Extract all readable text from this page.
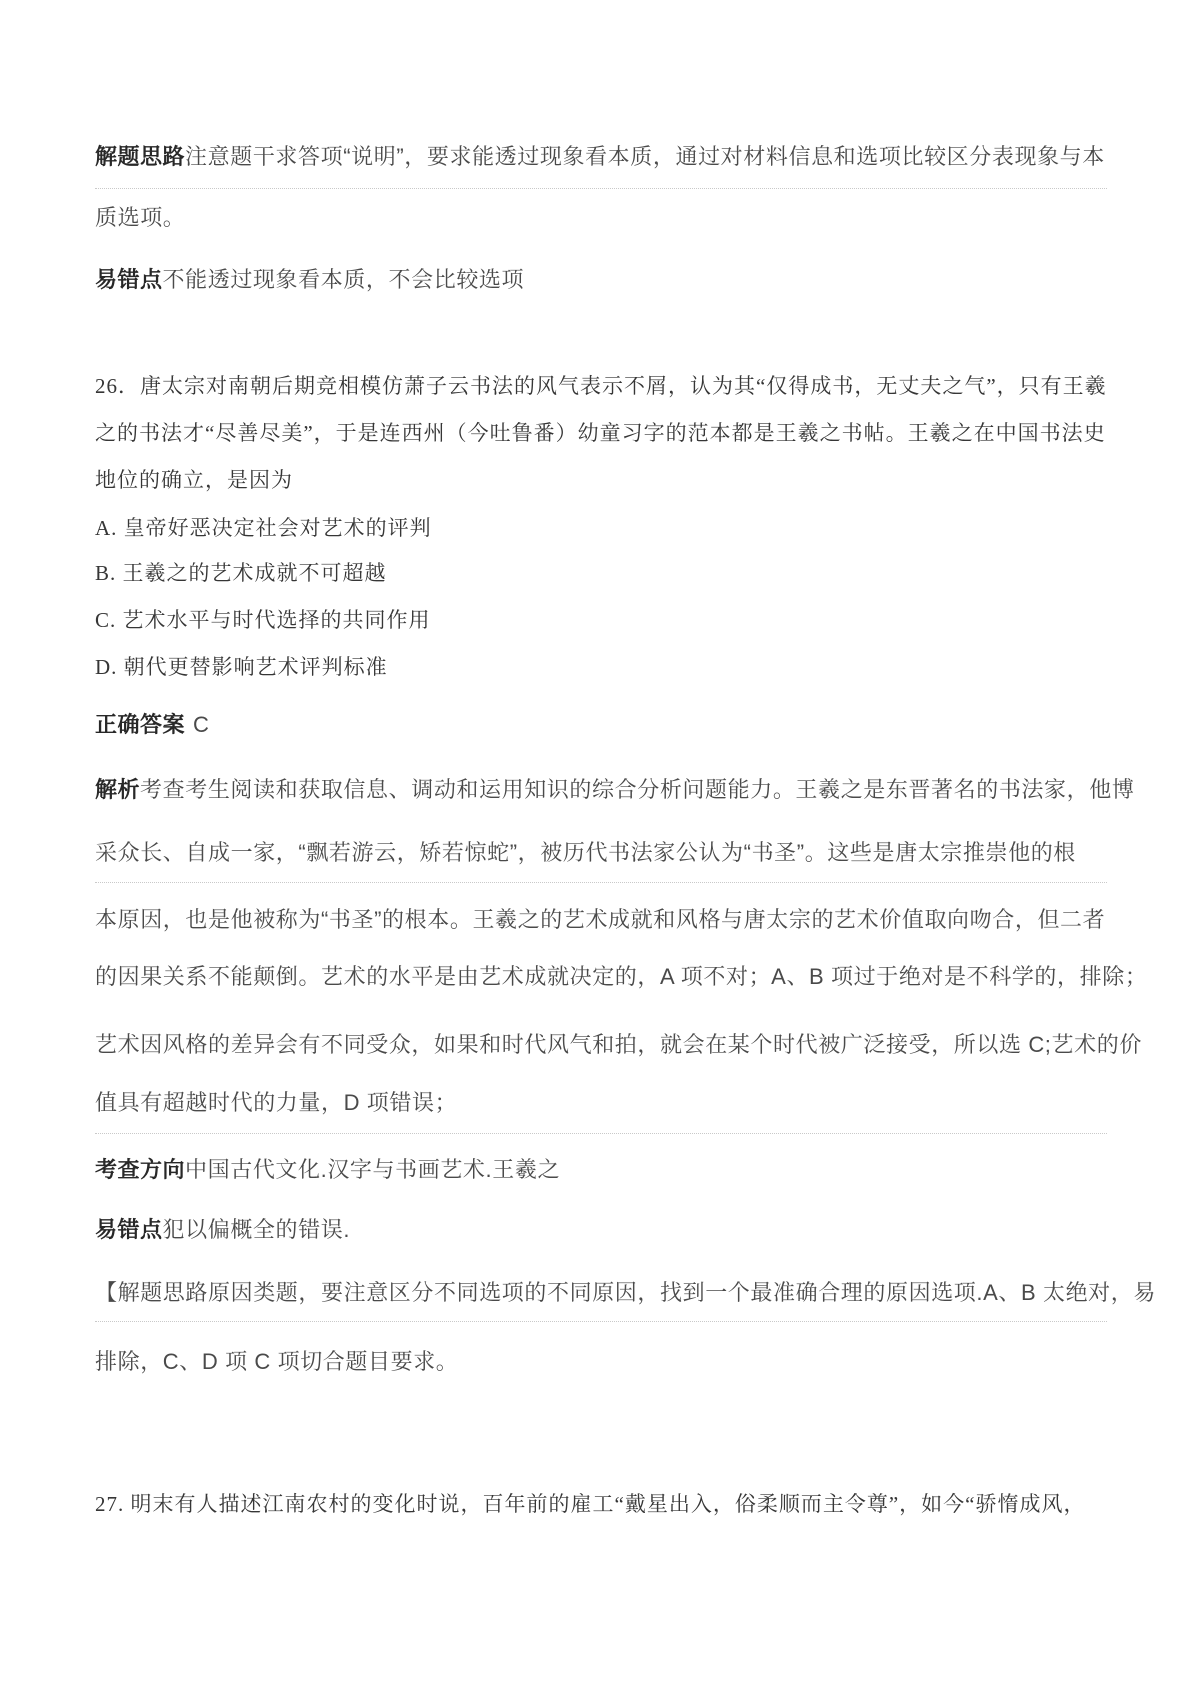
解题思路注意题干求答项“说明”，要求能透过现象看本质，通过对材料信息和选项比较区分表现象与本
质选项。
易错点不能透过现象看本质，不会比较选项
26．唐太宗对南朝后期竞相模仿萧子云书法的风气表示不屑，认为其“仅得成书，无丈夫之气”，只有王羲
之的书法才“尽善尽美”，于是连西州（今吐鲁番）幼童习字的范本都是王羲之书帖。王羲之在中国书法史
地位的确立，是因为
A. 皇帝好恶决定社会对艺术的评判
B. 王羲之的艺术成就不可超越
C. 艺术水平与时代选择的共同作用
D. 朝代更替影响艺术评判标准
正确答案 C
解析考查考生阅读和获取信息、调动和运用知识的综合分析问题能力。王羲之是东晋著名的书法家，他博
采众长、自成一家，“飘若游云，矫若惊蛇”，被历代书法家公认为“书圣”。这些是唐太宗推崇他的根
本原因，也是他被称为“书圣”的根本。王羲之的艺术成就和风格与唐太宗的艺术价值取向吻合，但二者
的因果关系不能颠倒。艺术的水平是由艺术成就决定的，A 项不对；A、B 项过于绝对是不科学的，排除；
艺术因风格的差异会有不同受众，如果和时代风气和拍，就会在某个时代被广泛接受，所以选 C;艺术的价
值具有超越时代的力量，D 项错误；
考查方向中国古代文化.汉字与书画艺术.王羲之
易错点犯以偏概全的错误.
【解题思路原因类题，要注意区分不同选项的不同原因，找到一个最准确合理的原因选项.A、B 太绝对，易
排除，C、D 项 C 项切合题目要求。
27. 明末有人描述江南农村的变化时说，百年前的雇工“戴星出入，俗柔顺而主令尊”，如今“骄惰成风，
